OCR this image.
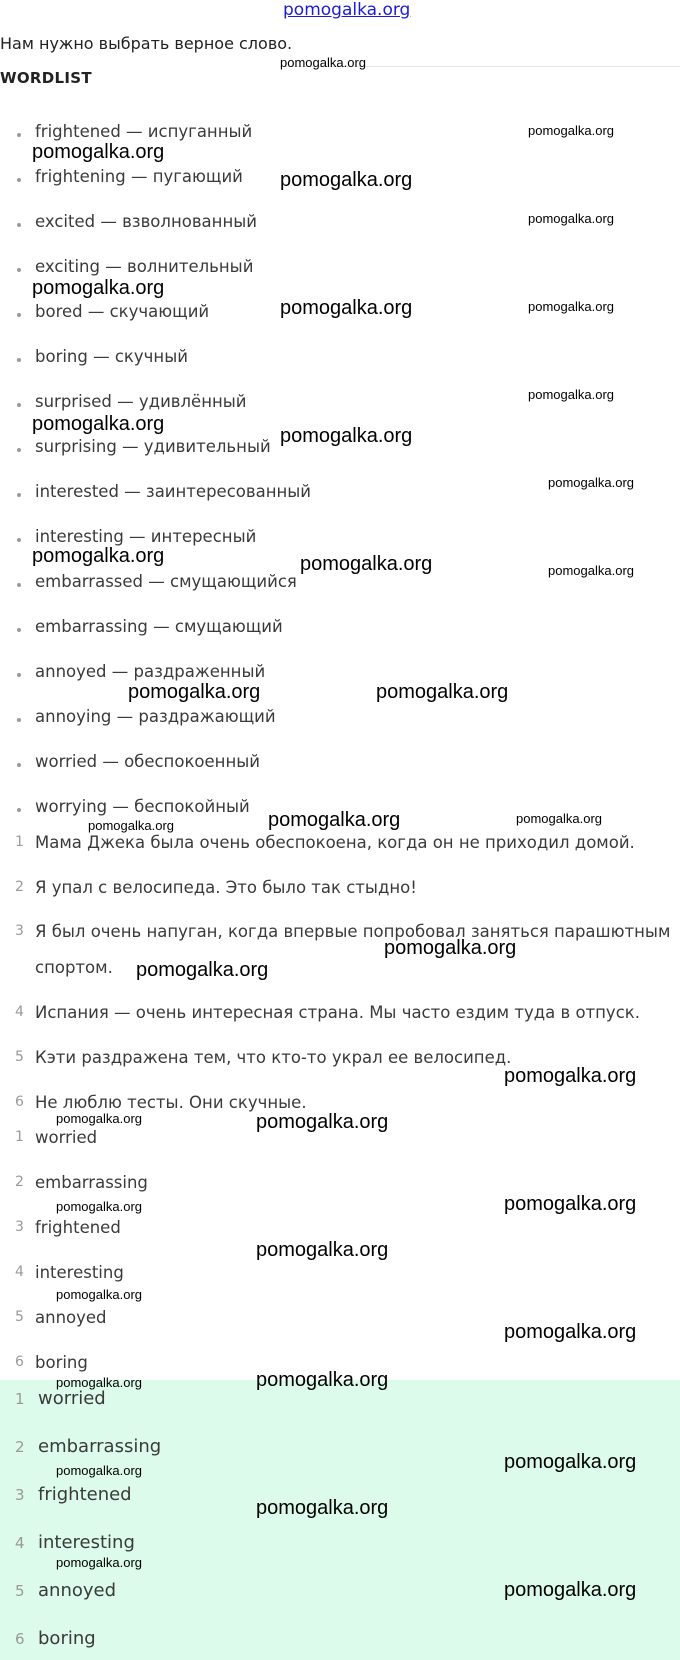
pomogalka.org
Нам нужно выбрать верное слово.
WORDLIST
frightened — испуганный
frightening — пугающий
excited — взволнованный
exciting — волнительный
bored — скучающий
boring — скучный
surprised — удивлённый
surprising — удивительный
interested — заинтересованный
interesting — интересный
embarrassed — смущающийся
embarrassing — смущающий
annoyed — раздраженный
annoying — раздражающий
worried — обеспокоенный
worrying — беспокойный
1 Мама Джека была очень обеспокоена, когда он не приходил домой.
2 Я упал с велосипеда. Это было так стыдно!
3 Я был очень напуган, когда впервые попробовал заняться парашютным
спортом.
4 Испания — очень интересная страна. Мы часто ездим туда в отпуск.
5 Кэти раздражена тем, что кто-то украл ее велосипед.
6 Не люблю тесты. Они скучные.
1 worried
2 embarrassing
3 frightened
4 interesting
5 annoyed
6 boring
1 worried
2 embarrassing
3 frightened
4 interesting
5 annoyed
6 boring
pomogalka.org
pomogalka.org
pomogalka.org
pomogalka.org
pomogalka.org
pomogalka.org
pomogalka.org	pomogalka.org
pomogalka.org
pomogalka.org
pomogalka.org
pomogalka.org
pomogalka.org	pomogalka.org	pomogalka.org
pomogalka.org	pomogalka.org
pomogalka.org	pomogalka.org	pomogalka.org
pomogalka.org
pomogalka.org
pomogalka.org
pomogalka.org	pomogalka.org
pomogalka.org	pomogalka.org
pomogalka.org
pomogalka.org
pomogalka.org
pomogalka.org	pomogalka.org
pomogalka.org	pomogalka.org
pomogalka.org
pomogalka.org
pomogalka.org
